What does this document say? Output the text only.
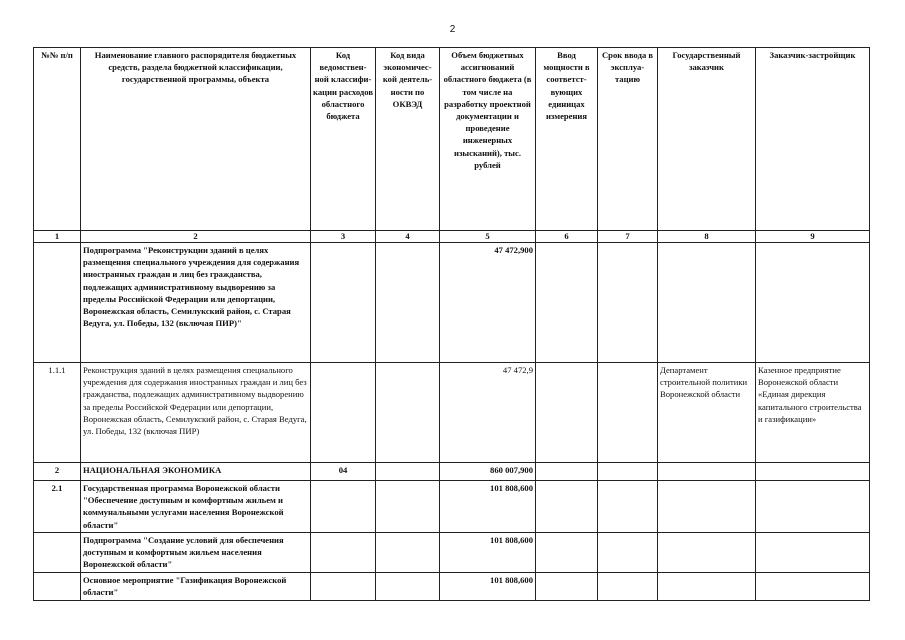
2
№№ п/п	Наименование главного распорядителя бюджетных средств, раздела бюджетной классификации, государственной программы, объекта	Код ведомствен-ной классифи-кации расходов областного бюджета	Код вида экономичес-кой деятель-ности по ОКВЭД	Объем бюджетных ассигнований областного бюджета (в том числе на разработку проектной документации и проведение инженерных изысканий), тыс. рублей	Ввод мощности в соответст-вующих единицах измерения	Срок ввода в эксплуа-тацию	Государственный заказчик	Заказчик-застройщик
1	2	3	4	5	6	7	8	9
	Подпрограмма "Реконструкции зданий в целях размещения специального учреждения для содержания иностранных граждан и лиц без гражданства, подлежащих административному выдворению за пределы Российской Федерации или депортации, Воронежская область, Семилукский район, с. Старая Ведуга, ул. Победы, 132 (включая ПИР)"			47 472,900				
1.1.1	Реконструкция зданий в целях размещения специального учреждения для содержания иностранных граждан и лиц без гражданства, подлежащих административному выдворению за пределы Российской Федерации или депортации, Воронежская область, Семилукский район, с. Старая Ведуга, ул. Победы, 132 (включая ПИР)			47 472,9			Департамент строительной политики Воронежской области	Казенное предприятие Воронежской области «Единая дирекция капитального строительства и газификации»
2	НАЦИОНАЛЬНАЯ ЭКОНОМИКА	04		860 007,900				
2.1	Государственная программа Воронежской области "Обеспечение доступным и комфортным жильем и коммунальными услугами населения Воронежской области"			101 808,600				
	Подпрограмма "Создание условий для обеспечения доступным и комфортным жильем населения Воронежской области"			101 808,600				
	Основное мероприятие "Газификация Воронежской области"			101 808,600				
